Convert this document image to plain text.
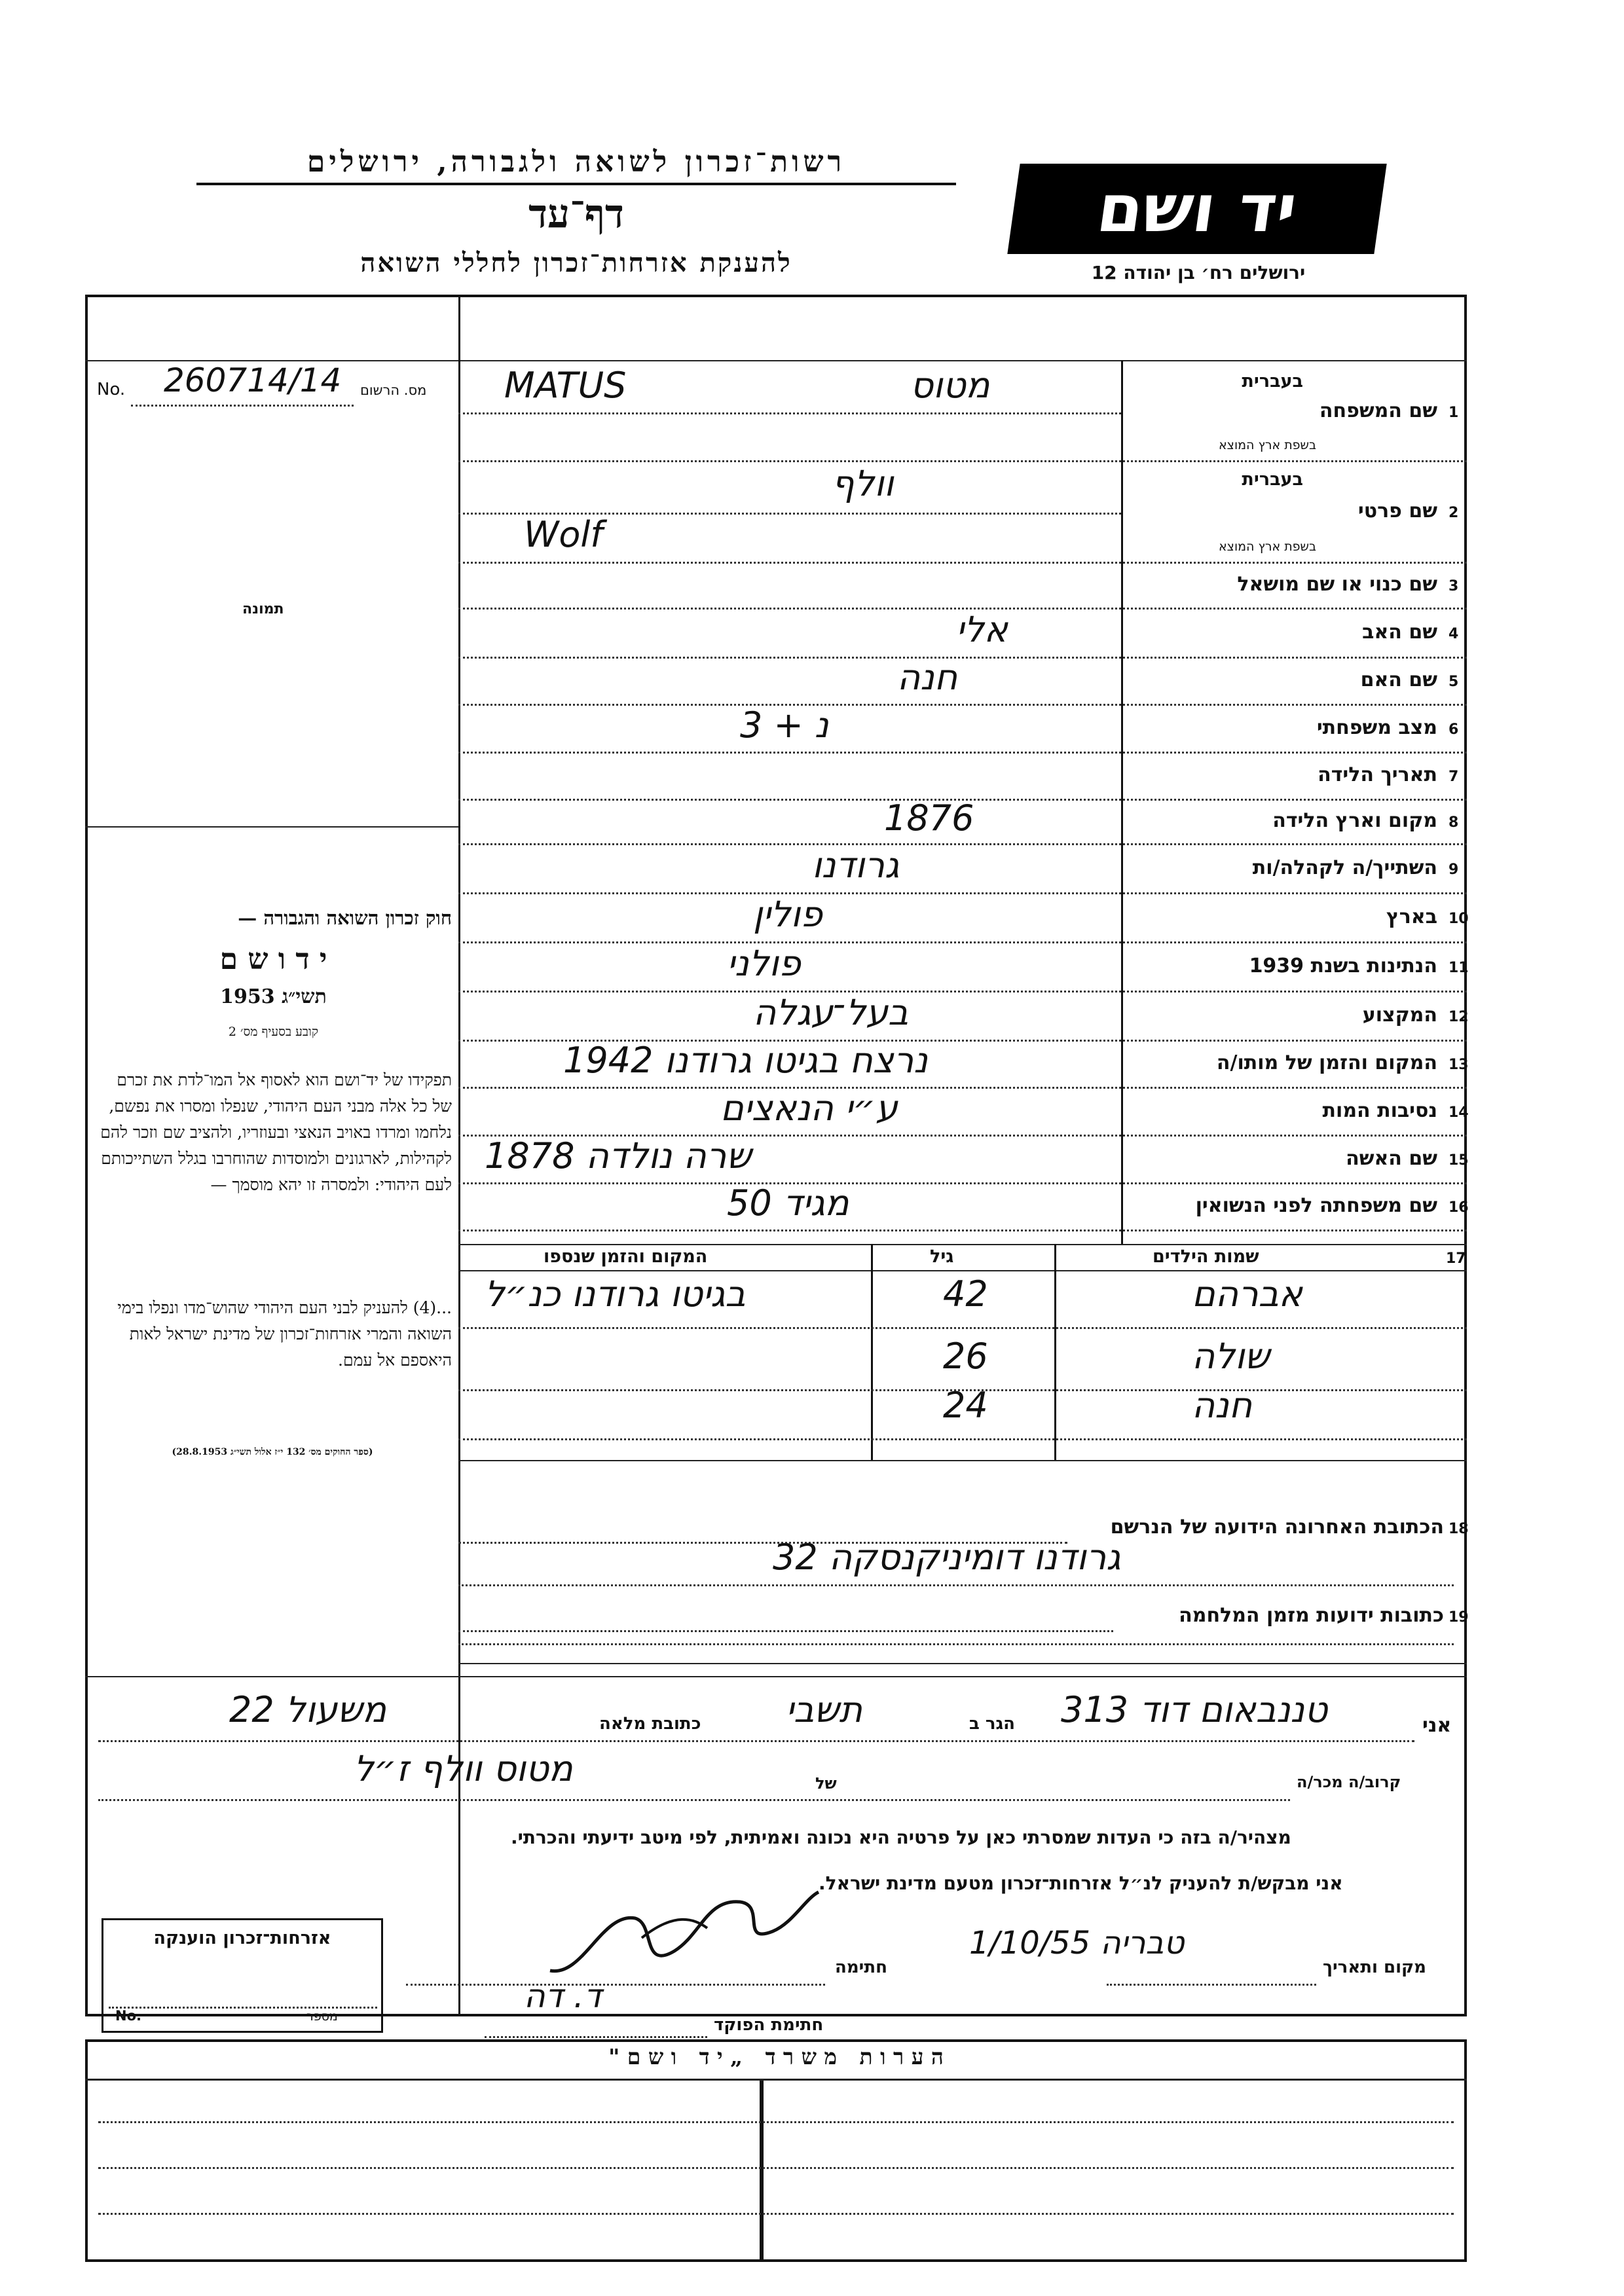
רשות־זכרון לשואה ולגבורה, ירושלים
דף־עד
להענקת אזרחות־זכרון לחללי השואה
יד ושם
ירושלים רח׳ בן יהודה 12
No.	מס. הרשום
260714/14
תמונה
חוק זכרון השואה והגבורה —
י ד ו ש ם
תשי״ג 1953
קובע בסעיף מס׳ 2
תפקידו של יד־ושם הוא לאסוף אל המו־לדת את זכרם של כל אלה מבני העם היהודי, שנפלו ומסרו את נפשם, נלחמו ומרדו באויב הנאצי ובעוזריו, ולהציב שם וזכר להם לקהילות, לארגונים ולמוסדות שהוחרבו בגלל השתייכותם לעם היהודי: ולמסרה זו יהא מוסמך —
...(4) להעניק לבני העם היהודי שהוש־מדו ונפלו בימי השואה והמרי אזרחות־זכרון של מדינת ישראל לאות היאספם אל עמם.
(ספר החוקים מס׳ 132 י״ז אלול תשי״ג 28.8.1953)
1
שם המשפחה
בעברית
בשפת ארץ המוצא
מטוס
MATUS
2
שם פרטי
בעברית
בשפת ארץ המוצא
וולף
Wolf
3
שם כנוי או שם מושאל
4
שם האב
אלי
5
שם האם
חנה
6
מצב משפחתי
נ + 3
7
תאריך הלידה
8
מקום וארץ הלידה
1876
9
השתייך/ה לקהלה/ות
גרודנו
10
בארץ
פולין
11
הנתינות בשנת 1939
פולני
12
המקצוע
בעל־עגלה
13
המקום והזמן של מותו/ה
נרצח בגיטו גרודנו 1942
14
נסיבות המות
ע״י הנאצים
15
שם האשה
שרה נולדה 1878
16
שם משפחתה לפני הנשואין
מגיד 50
17
שמות הילדים
גיל
המקום והזמן שנספו
אברהם
42
בגיטו גרודנו כנ״ל
שולה
26
חנה
24
18
הכתובת האחרונה הידועה של הנרשם
גרודנו דומיניקנסקה 32
19
כתובות ידועות מזמן המלחמה
אני
טננבאום דוד 313
הגר ב
תשבי
כתובת מלאה
משעול 22
קרוב/ה מכר/ה
של
מטוס וולף ז״ל
מצהיר/ה בזה כי העדות שמסרתי כאן על פרטיה היא נכונה ואמיתית, לפי מיטב ידיעתי והכרתי.
אני מבקש/ת להעניק לנ״ל אזרחות־זכרון מטעם מדינת ישראל.
מקום ותאריך
טבריה 1/10/55
חתימה
חתימת הפוקד
ד. דה
אזרחות־זכרון הוענקה
No.	מספר
ה ע ר ו ת   מ ש ר ד   „ י ד   ו ש ם "
